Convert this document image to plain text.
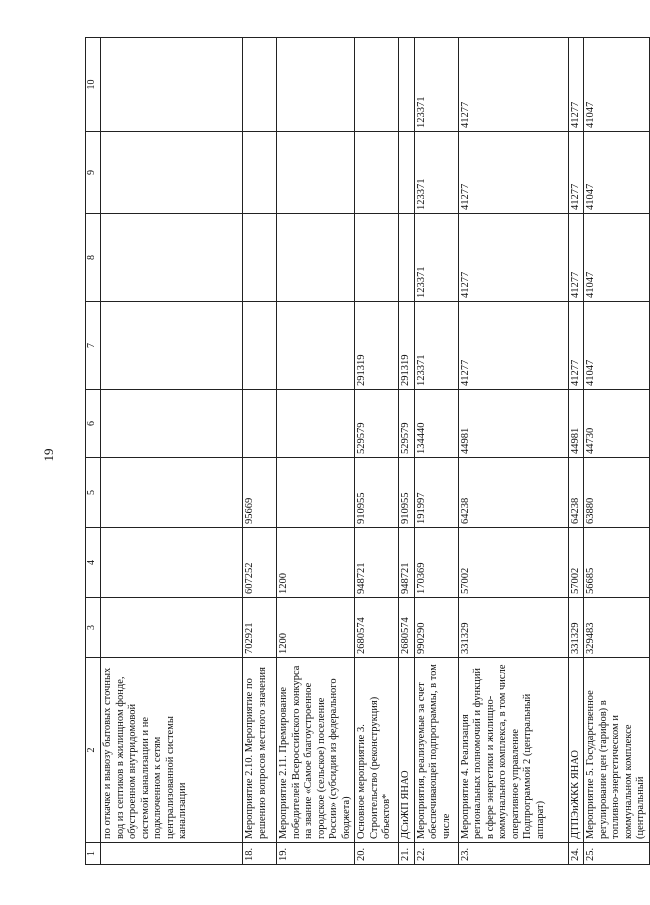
19
1	2	3	4	5	6	7	8	9	10
	по откачке и вывозу бытовых сточных вод из септиков в жилищном фонде, обустроенном внутридомовой системой канализации и не подключенном к сетям централизованной системы канализации								
18.	Мероприятие 2.10. Мероприятие по решению вопросов местного значения	702921	607252	95669					
19.	Мероприятие 2.11. Премирование победителей Всероссийского конкурса на звание «Самое благоустроенное городское (сельское) поселение России» (субсидия из федерального бюджета)	1200	1200						
20.	Основное мероприятие 3. Строительство (реконструкция) объектов*	2680574	948721	910955	529579	291319			
21.	ДСиЖП ЯНАО	2680574	948721	910955	529579	291319			
22.	Мероприятия, реализуемые за счет обеспечивающей подпрограммы, в том числе	990290	170369	191997	134440	123371	123371	123371	123371
23.	Мероприятие 4. Реализация региональных полномочий и функций в сфере энергетики и жилищно-коммунального комплекса, в том числе оперативное управление Подпрограммой 2 (центральный аппарат)	331329	57002	64238	44981	41277	41277	41277	41277
24.	ДТПЭиЖКК ЯНАО	331329	57002	64238	44981	41277	41277	41277	41277
25.	Мероприятие 5. Государственное регулирование цен (тарифов) в топливно-энергетическом и коммунальном комплексе (центральный	329483	56685	63880	44730	41047	41047	41047	41047
